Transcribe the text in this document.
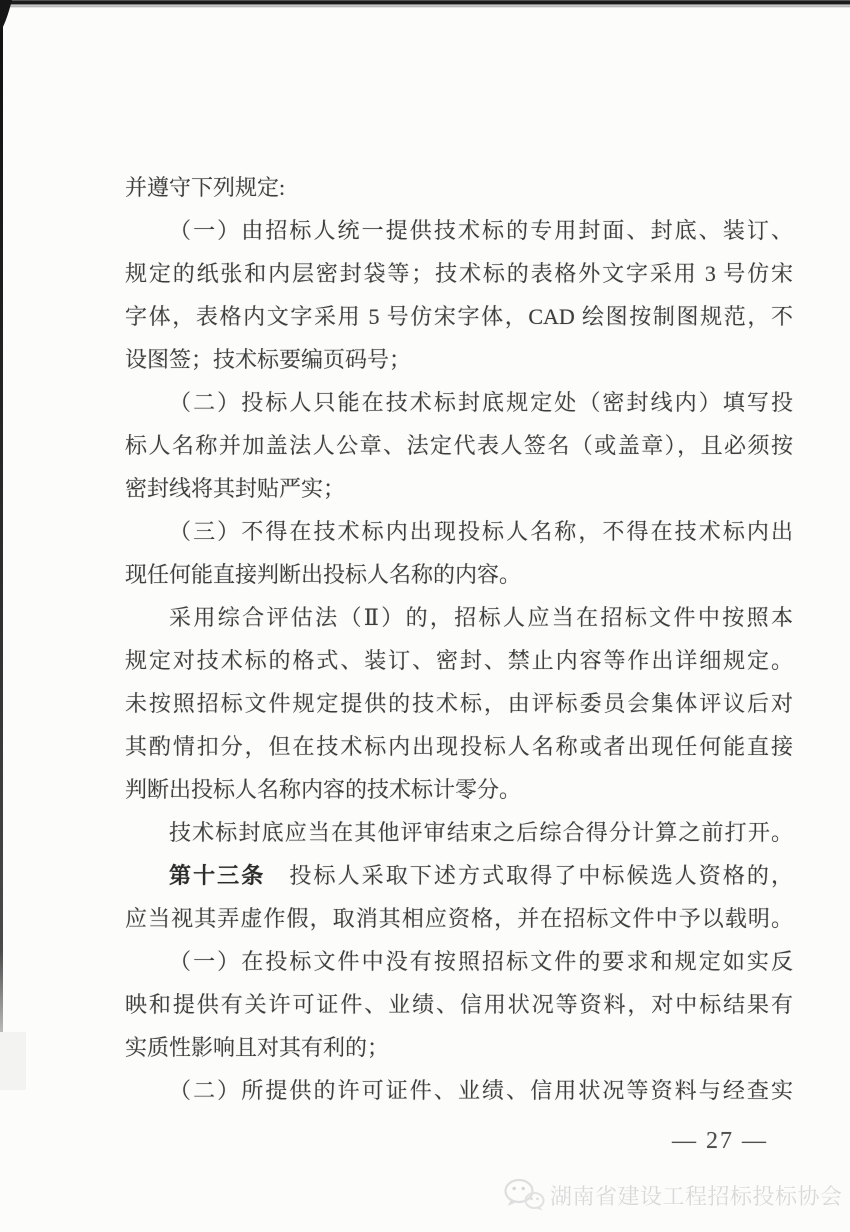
并遵守下列规定:
（一）由招标人统一提供技术标的专用封面、封底、装订、
规定的纸张和内层密封袋等；技术标的表格外文字采用 3 号仿宋
字体，表格内文字采用 5 号仿宋字体，CAD 绘图按制图规范，不
设图签；技术标要编页码号；
（二）投标人只能在技术标封底规定处（密封线内）填写投
标人名称并加盖法人公章、法定代表人签名（或盖章），且必须按
密封线将其封贴严实；
（三）不得在技术标内出现投标人名称，不得在技术标内出
现任何能直接判断出投标人名称的内容。
采用综合评估法（Ⅱ）的，招标人应当在招标文件中按照本
规定对技术标的格式、装订、密封、禁止内容等作出详细规定。
未按照招标文件规定提供的技术标，由评标委员会集体评议后对
其酌情扣分，但在技术标内出现投标人名称或者出现任何能直接
判断出投标人名称内容的技术标计零分。
技术标封底应当在其他评审结束之后综合得分计算之前打开。
第十三条　投标人采取下述方式取得了中标候选人资格的，
应当视其弄虚作假，取消其相应资格，并在招标文件中予以载明。
（一）在投标文件中没有按照招标文件的要求和规定如实反
映和提供有关许可证件、业绩、信用状况等资料，对中标结果有
实质性影响且对其有利的；
（二）所提供的许可证件、业绩、信用状况等资料与经查实
— 27 —
湖南省建设工程招标投标协会
